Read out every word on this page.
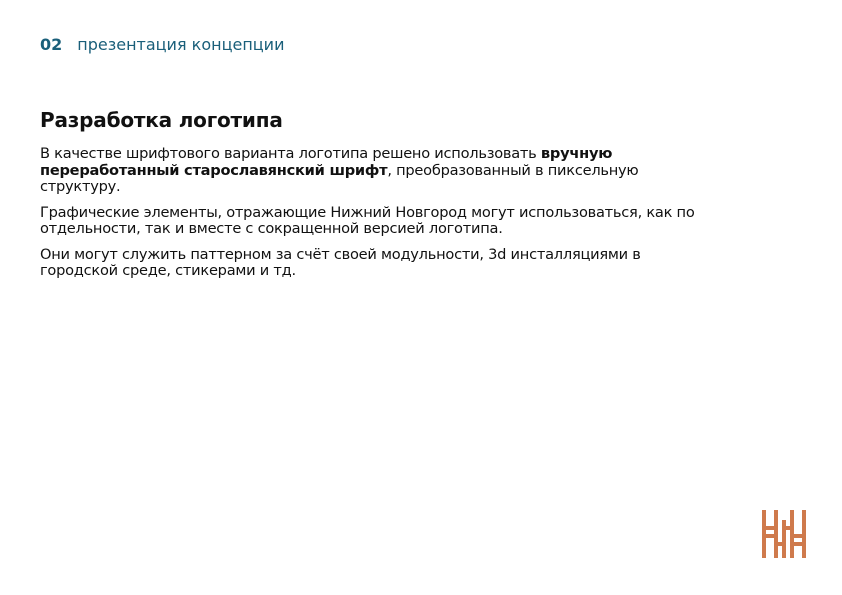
02 презентация концепции
Разработка логотипа

В качестве шрифтового варианта логотипа решено использовать вручную переработанный старославянский шрифт, преобразованный в пиксельную структуру.

Графические элементы, отражающие Нижний Новгород могут использоваться, как по отдельности, так и вместе с сокращенной версией логотипа.

Они могут служить паттерном за счёт своей модульности, 3d инсталляциями в городской среде, стикерами и тд.
